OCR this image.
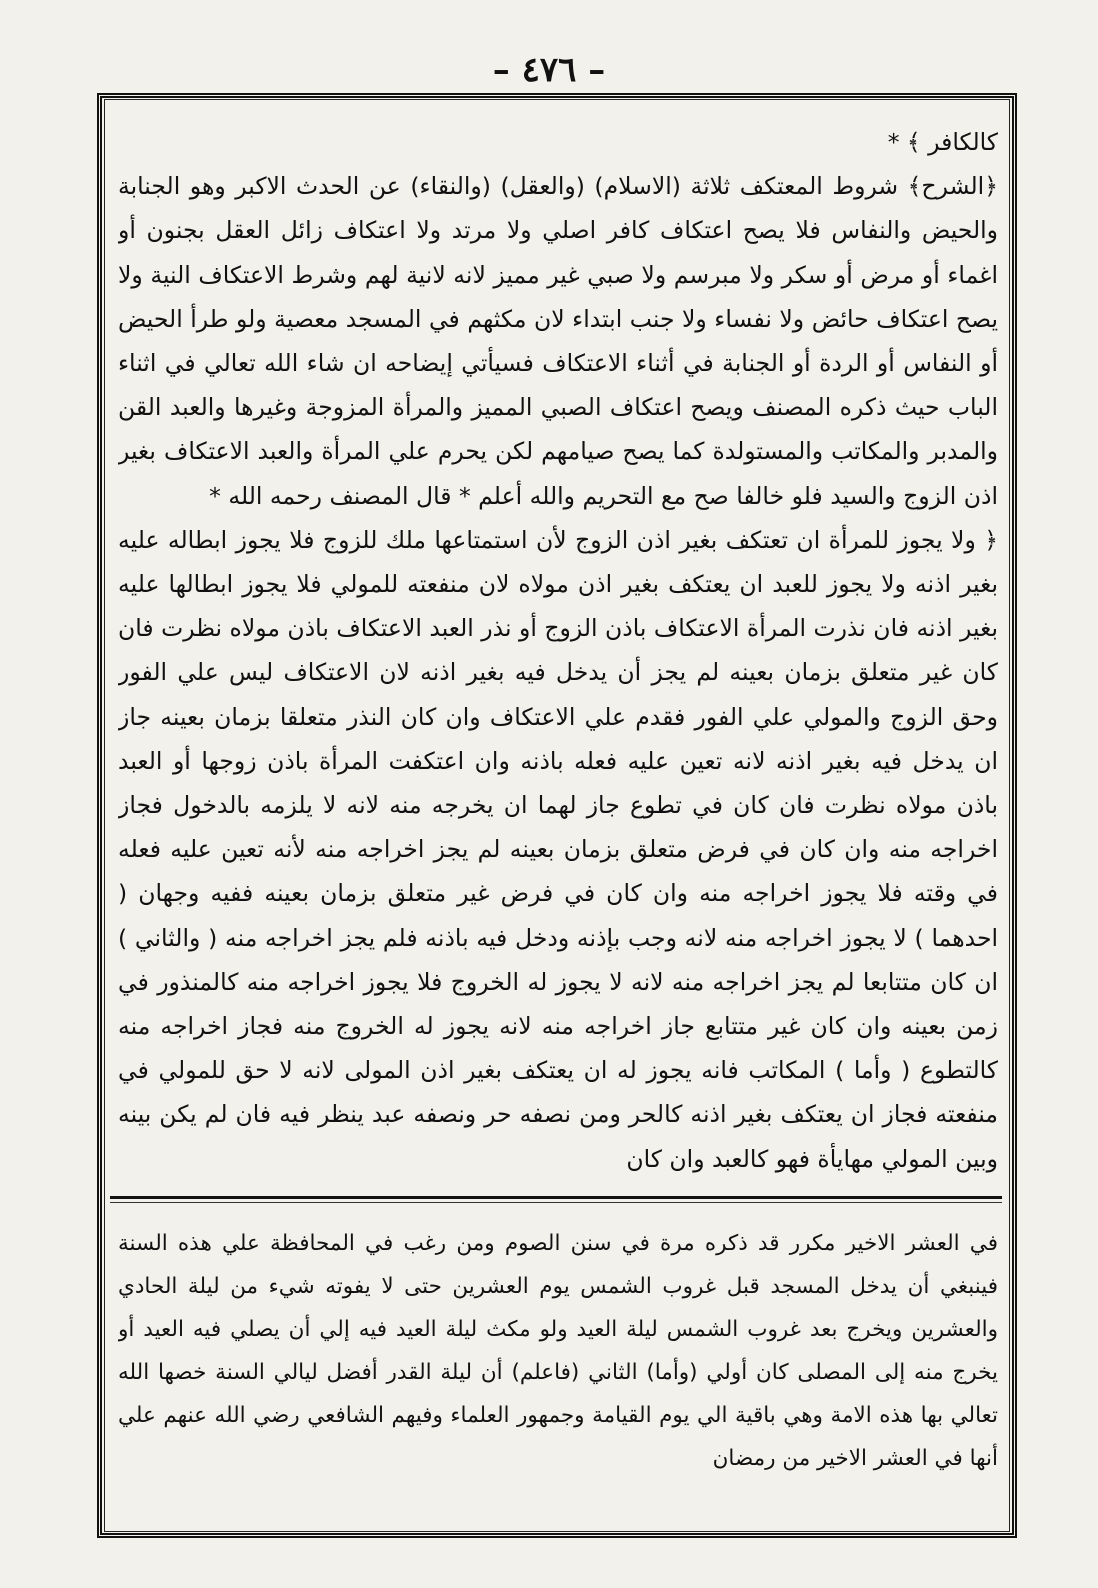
– ٤٧٦ –

كالكافر ﴾ *

﴿الشرح﴾ شروط المعتكف ثلاثة (الاسلام) (والعقل) (والنقاء) عن الحدث الاكبر وهو الجنابة والحيض والنفاس فلا يصح اعتكاف كافر اصلي ولا مرتد ولا اعتكاف زائل العقل بجنون أو اغماء أو مرض أو سكر ولا مبرسم ولا صبي غير مميز لانه لانية لهم وشرط الاعتكاف النية ولا يصح اعتكاف حائض ولا نفساء ولا جنب ابتداء لان مكثهم في المسجد معصية ولو طرأ الحيض أو النفاس أو الردة أو الجنابة في أثناء الاعتكاف فسيأتي إيضاحه ان شاء الله تعالي في اثناء الباب حيث ذكره المصنف ويصح اعتكاف الصبي المميز والمرأة المزوجة وغيرها والعبد القن والمدبر والمكاتب والمستولدة كما يصح صيامهم لكن يحرم علي المرأة والعبد الاعتكاف بغير اذن الزوج والسيد فلو خالفا صح مع التحريم والله أعلم * قال المصنف رحمه الله *

﴿ ولا يجوز للمرأة ان تعتكف بغير اذن الزوج لأن استمتاعها ملك للزوج فلا يجوز ابطاله عليه بغير اذنه ولا يجوز للعبد ان يعتكف بغير اذن مولاه لان منفعته للمولي فلا يجوز ابطالها عليه بغير اذنه فان نذرت المرأة الاعتكاف باذن الزوج أو نذر العبد الاعتكاف باذن مولاه نظرت فان كان غير متعلق بزمان بعينه لم يجز أن يدخل فيه بغير اذنه لان الاعتكاف ليس علي الفور وحق الزوج والمولي علي الفور فقدم علي الاعتكاف وان كان النذر متعلقا بزمان بعينه جاز ان يدخل فيه بغير اذنه لانه تعين عليه فعله باذنه وان اعتكفت المرأة باذن زوجها أو العبد باذن مولاه نظرت فان كان في تطوع جاز لهما ان يخرجه منه لانه لا يلزمه بالدخول فجاز اخراجه منه وان كان في فرض متعلق بزمان بعينه لم يجز اخراجه منه لأنه تعين عليه فعله في وقته فلا يجوز اخراجه منه وان كان في فرض غير متعلق بزمان بعينه ففيه وجهان ( احدهما ) لا يجوز اخراجه منه لانه وجب بإذنه ودخل فيه باذنه فلم يجز اخراجه منه ( والثاني ) ان كان متتابعا لم يجز اخراجه منه لانه لا يجوز له الخروج فلا يجوز اخراجه منه كالمنذور في زمن بعينه وان كان غير متتابع جاز اخراجه منه لانه يجوز له الخروج منه فجاز اخراجه منه كالتطوع ( وأما ) المكاتب فانه يجوز له ان يعتكف بغير اذن المولى لانه لا حق للمولي في منفعته فجاز ان يعتكف بغير اذنه كالحر ومن نصفه حر ونصفه عبد ينظر فيه فان لم يكن بينه وبين المولي مهايأة فهو كالعبد وان كان

في العشر الاخير مكرر قد ذكره مرة في سنن الصوم ومن رغب في المحافظة علي هذه السنة فينبغي أن يدخل المسجد قبل غروب الشمس يوم العشرين حتى لا يفوته شيء من ليلة الحادي والعشرين ويخرج بعد غروب الشمس ليلة العيد ولو مكث ليلة العيد فيه إلي أن يصلي فيه العيد أو يخرج منه إلى المصلى كان أولي (وأما) الثاني (فاعلم) أن ليلة القدر أفضل ليالي السنة خصها الله تعالي بها هذه الامة وهي باقية الي يوم القيامة وجمهور العلماء وفيهم الشافعي رضي الله عنهم علي أنها في العشر الاخير من رمضان
